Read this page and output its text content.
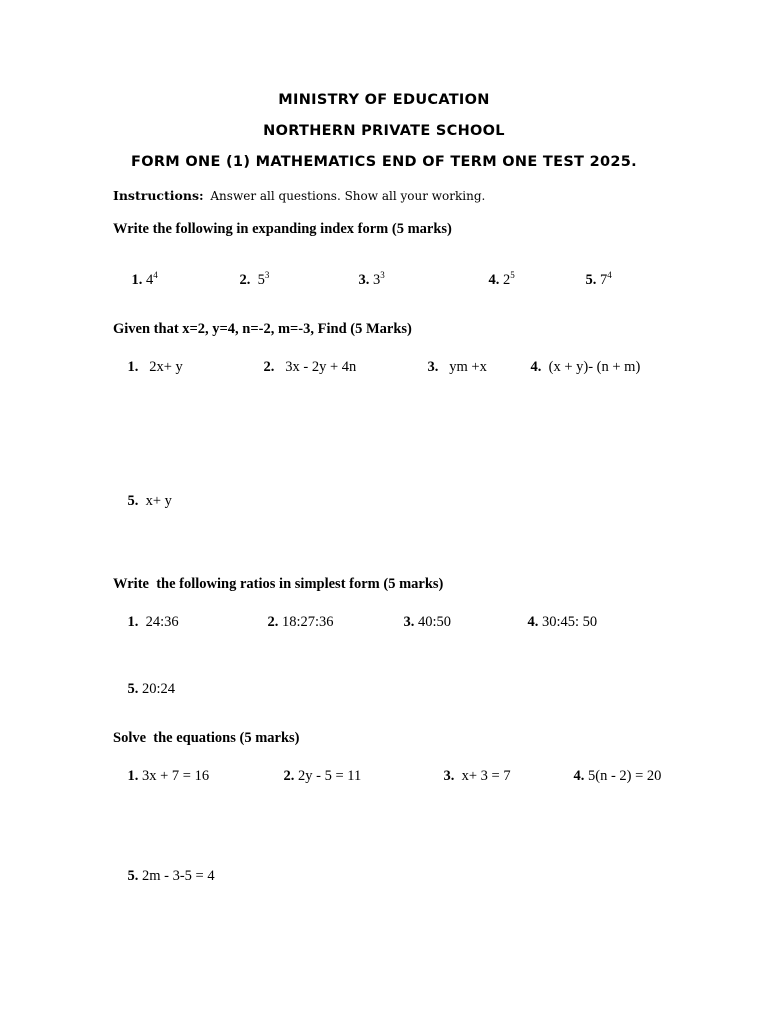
MINISTRY OF EDUCATION
NORTHERN PRIVATE SCHOOL
FORM ONE (1) MATHEMATICS END OF TERM ONE TEST 2025.
Instructions: Answer all questions. Show all your working.
Write the following in expanding index form (5 marks)

1. $4^4$
	2. $5^3$
	3. $3^3$
	4. $2^5$
	5. $7^4$

Given that x=2, y=4, n=-2, m=-3, Find (5 Marks)

1. 2x+ y
	2. 3x - 2y + 4n
	3. ym +x
	4. (x + y)- (n + m)

5. x+ y

Write  the following ratios in simplest form (5 marks)

1. 24:36
	2. 18:27:36
	3. 40:50
	4. 30:45: 50

5. 20:24

Solve  the equations (5 marks)

1. 3x + 7 = 16
	2. 2y - 5 = 11
	3. x+ 3 = 7
	4. 5(n - 2) = 20

5. 2m - 3-5 = 4
